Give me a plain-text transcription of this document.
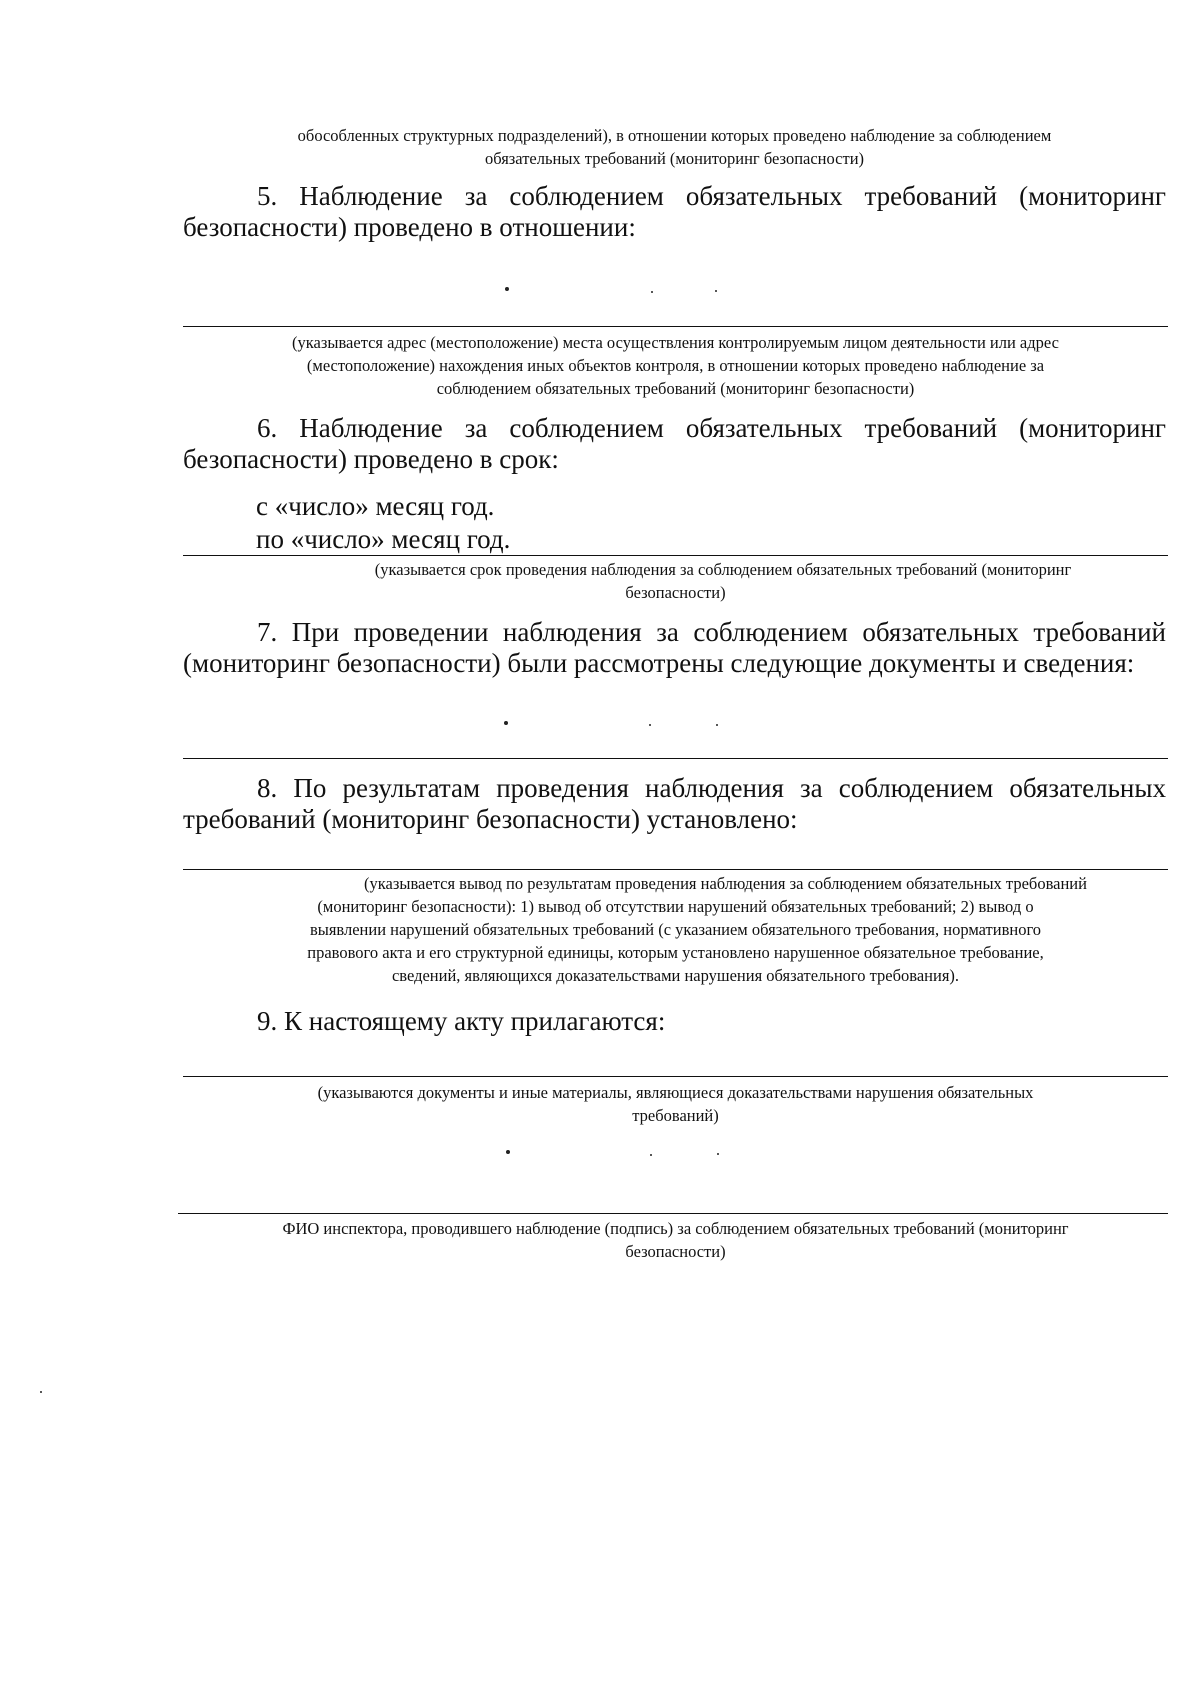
обособленных структурных подразделений), в отношении которых проведено наблюдение за соблюдением
обязательных требований (мониторинг безопасности)
5. Наблюдение за соблюдением обязательных требований (мониторинг безопасности) проведено в отношении:
(указывается адрес (местоположение) места осуществления контролируемым лицом деятельности или адрес
(местоположение) нахождения иных объектов контроля, в отношении которых проведено наблюдение за
соблюдением обязательных требований (мониторинг безопасности)
6. Наблюдение за соблюдением обязательных требований (мониторинг безопасности) проведено в срок:
с «число» месяц год.
по «число» месяц год.
(указывается срок проведения наблюдения за соблюдением обязательных требований (мониторинг
безопасности)
7. При проведении наблюдения за соблюдением обязательных требований (мониторинг безопасности) были рассмотрены следующие документы и сведения:
8. По результатам проведения наблюдения за соблюдением обязательных требований (мониторинг безопасности) установлено:
(указывается вывод по результатам проведения наблюдения за соблюдением обязательных требований
(мониторинг безопасности): 1) вывод об отсутствии нарушений обязательных требований; 2) вывод о
выявлении нарушений обязательных требований (с указанием обязательного требования, нормативного
правового акта и его структурной единицы, которым установлено нарушенное обязательное требование,
сведений, являющихся доказательствами нарушения обязательного требования).
9. К настоящему акту прилагаются:
(указываются документы и иные материалы, являющиеся доказательствами нарушения обязательных
требований)
ФИО инспектора, проводившего наблюдение (подпись) за соблюдением обязательных требований (мониторинг
безопасности)
